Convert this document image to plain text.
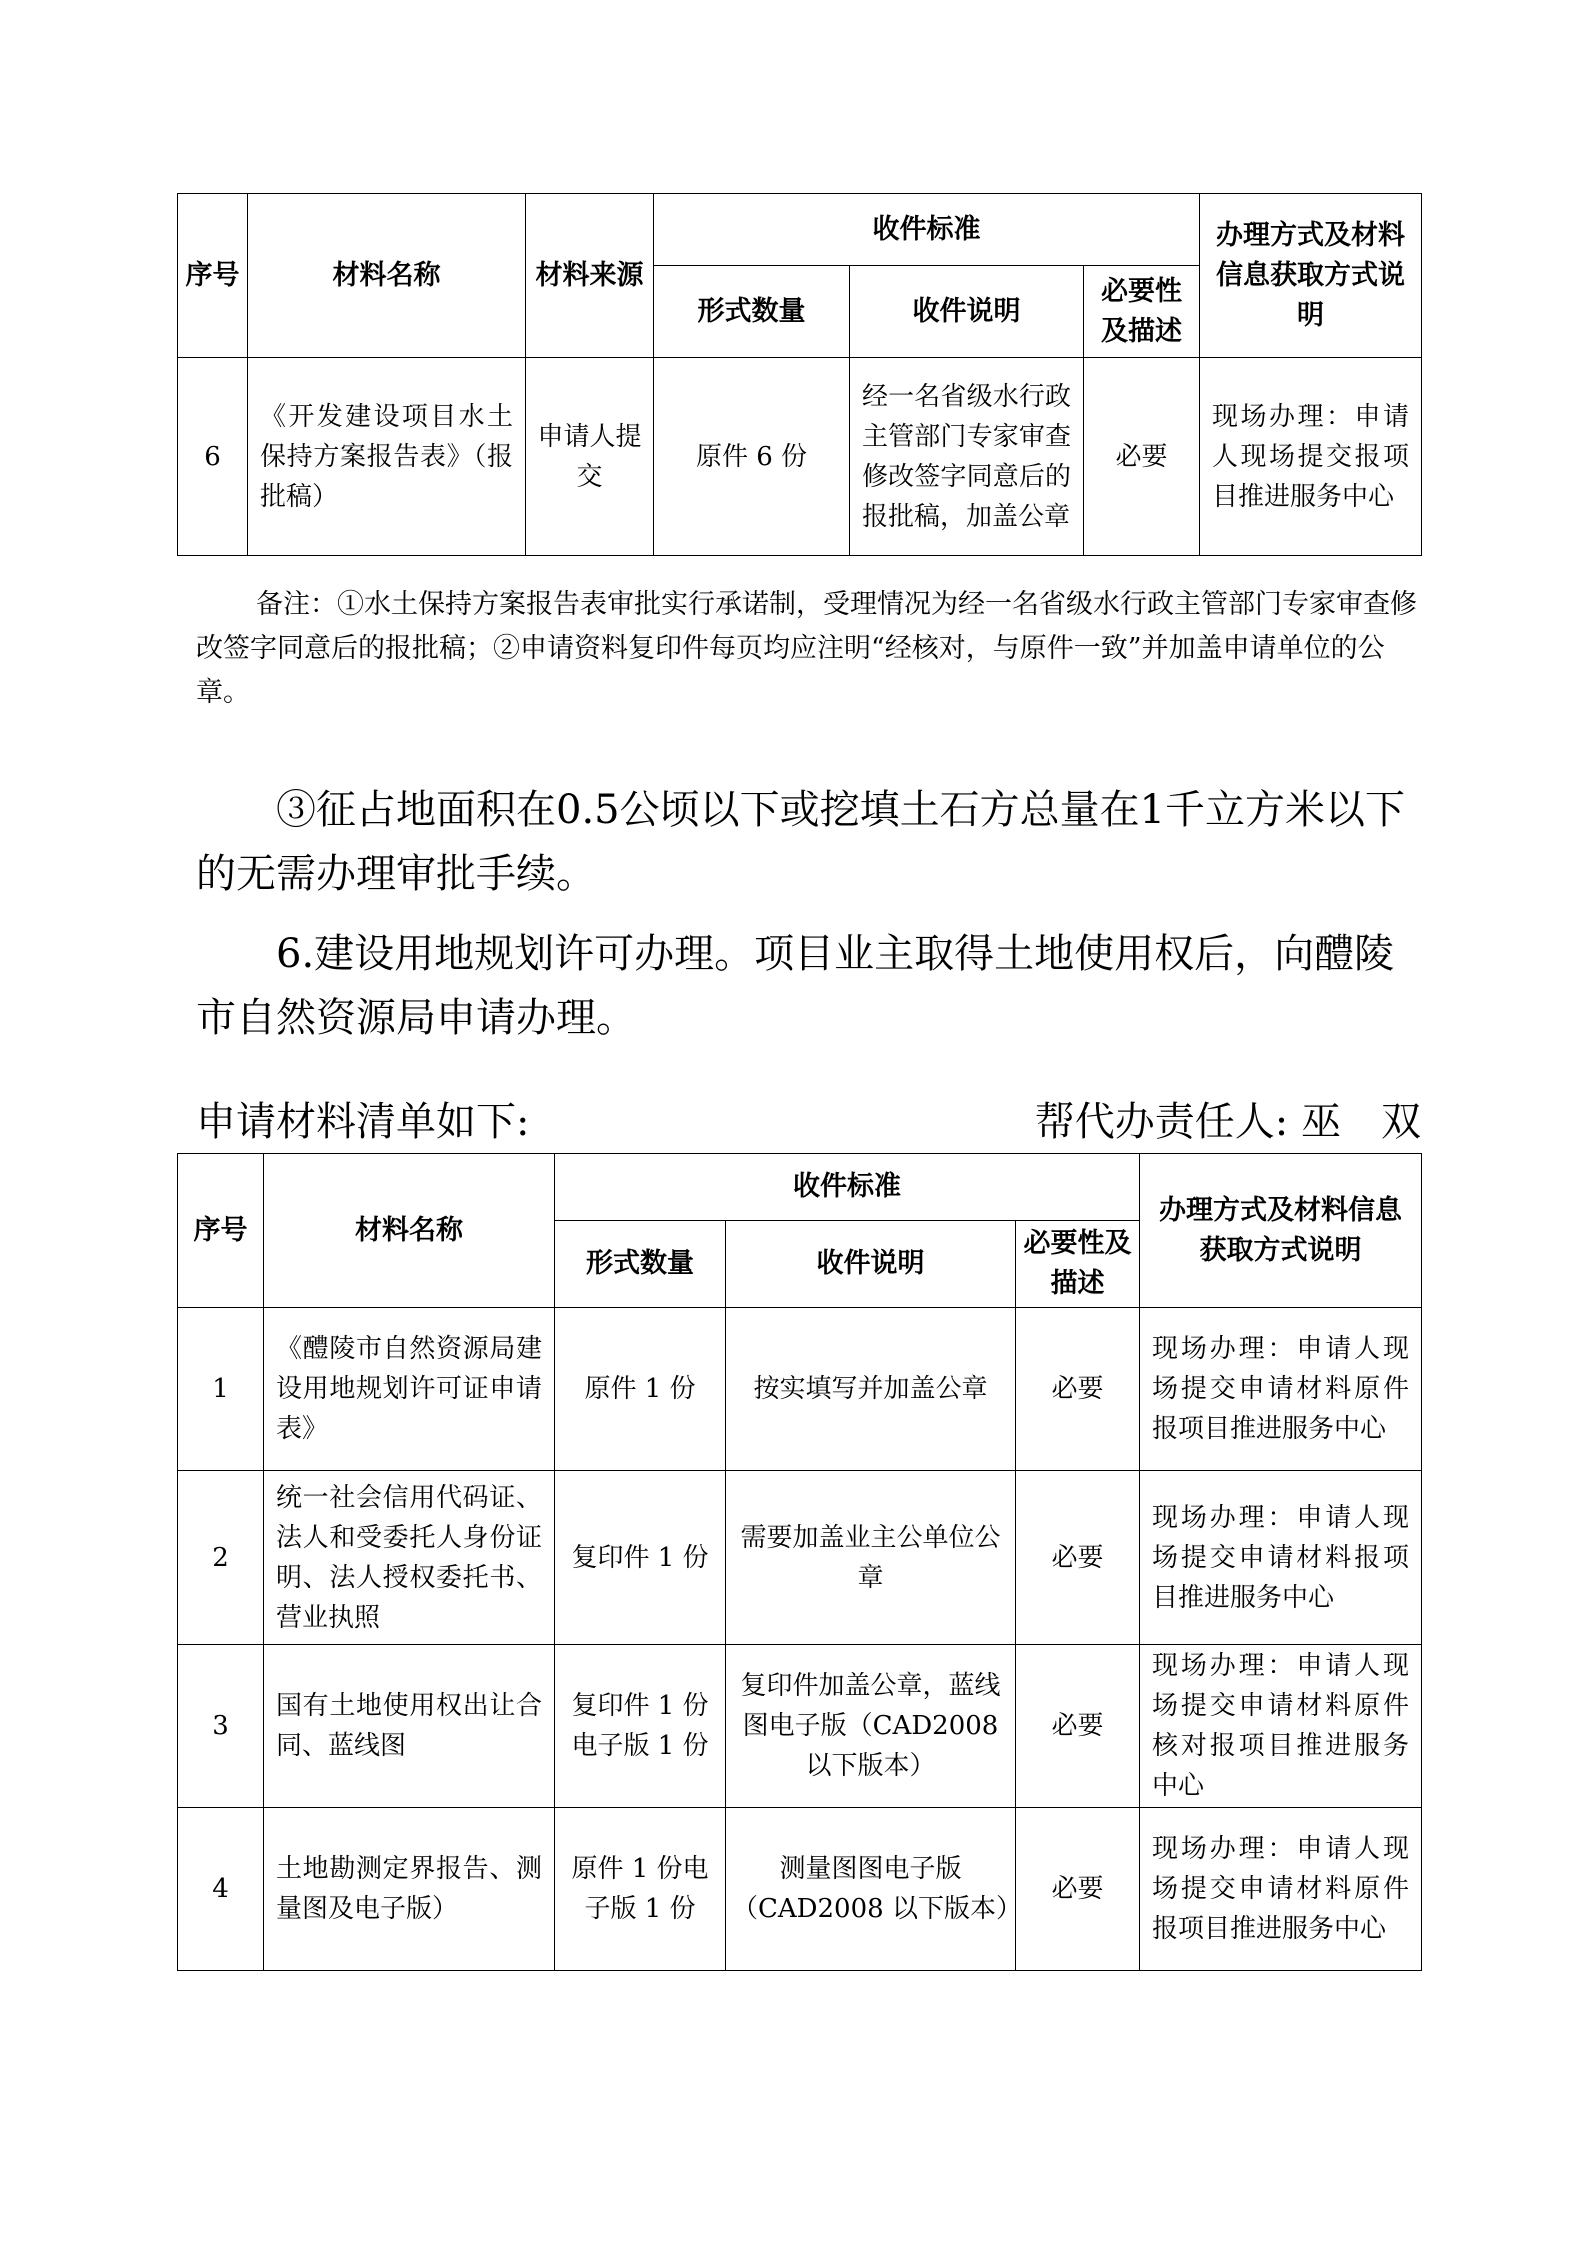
序号	材料名称	材料来源	收件标准			办理方式及材料信息获取方式说明
			形式数量	收件说明	必要性及描述	
6	《开发建设项目水土保持方案报告表》（报批稿）	申请人提交	原件 6 份	经一名省级水行政主管部门专家审查修改签字同意后的报批稿，加盖公章	必要	现场办理：申请人现场提交报项目推进服务中心
备注：①水土保持方案报告表审批实行承诺制，受理情况为经一名省级水行政主管部门专家审查修改签字同意后的报批稿；②申请资料复印件每页均应注明“经核对，与原件一致”并加盖申请单位的公章。
③征占地面积在0.5公顷以下或挖填土石方总量在1千立方米以下的无需办理审批手续。
6.建设用地规划许可办理。项目业主取得土地使用权后，向醴陵市自然资源局申请办理。
申请材料清单如下:	帮代办责任人: 巫　双
序号	材料名称	收件标准			办理方式及材料信息获取方式说明
		形式数量	收件说明	必要性及描述	
1	《醴陵市自然资源局建设用地规划许可证申请表》	原件 1 份	按实填写并加盖公章	必要	现场办理：申请人现场提交申请材料原件报项目推进服务中心
2	统一社会信用代码证、法人和受委托人身份证明、法人授权委托书、营业执照	复印件 1 份	需要加盖业主公单位公章	必要	现场办理：申请人现场提交申请材料报项目推进服务中心
3	国有土地使用权出让合同、蓝线图	复印件 1 份 电子版 1 份	复印件加盖公章，蓝线图电子版（CAD2008 以下版本）	必要	现场办理：申请人现场提交申请材料原件核对报项目推进服务中心
4	土地勘测定界报告、测量图及电子版）	原件 1 份电子版 1 份	测量图图电子版（CAD2008 以下版本）	必要	现场办理：申请人现场提交申请材料原件报项目推进服务中心
